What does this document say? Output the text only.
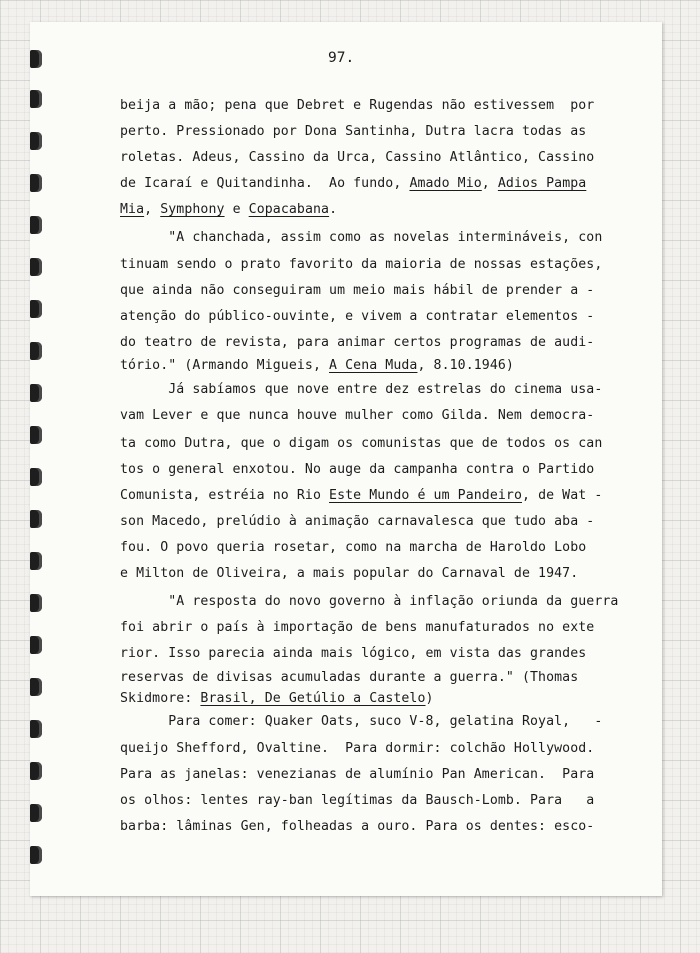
97.
beija a mão; pena que Debret e Rugendas não estivessem  por
perto. Pressionado por Dona Santinha, Dutra lacra todas as
roletas. Adeus, Cassino da Urca, Cassino Atlântico, Cassino
de Icaraí e Quitandinha.  Ao fundo, Amado Mio, Adios Pampa
Mia, Symphony e Copacabana.
"A chanchada, assim como as novelas intermináveis, con
tinuam sendo o prato favorito da maioria de nossas estações,
que ainda não conseguiram um meio mais hábil de prender a -
atenção do público-ouvinte, e vivem a contratar elementos -
do teatro de revista, para animar certos programas de audi-
tório." (Armando Migueis, A Cena Muda, 8.10.1946)
Já sabíamos que nove entre dez estrelas do cinema usa-
vam Lever e que nunca houve mulher como Gilda. Nem democra-
ta como Dutra, que o digam os comunistas que de todos os can
tos o general enxotou. No auge da campanha contra o Partido
Comunista, estréia no Rio Este Mundo é um Pandeiro, de Wat -
son Macedo, prelúdio à animação carnavalesca que tudo aba -
fou. O povo queria rosetar, como na marcha de Haroldo Lobo
e Milton de Oliveira, a mais popular do Carnaval de 1947.
"A resposta do novo governo à inflação oriunda da guerra
foi abrir o país à importação de bens manufaturados no exte
rior. Isso parecia ainda mais lógico, em vista das grandes
reservas de divisas acumuladas durante a guerra." (Thomas
Skidmore: Brasil, De Getúlio a Castelo)
Para comer: Quaker Oats, suco V-8, gelatina Royal,   -
queijo Shefford, Ovaltine.  Para dormir: colchão Hollywood.
Para as janelas: venezianas de alumínio Pan American.  Para
os olhos: lentes ray-ban legítimas da Bausch-Lomb. Para   a
barba: lâminas Gen, folheadas a ouro. Para os dentes: esco-
